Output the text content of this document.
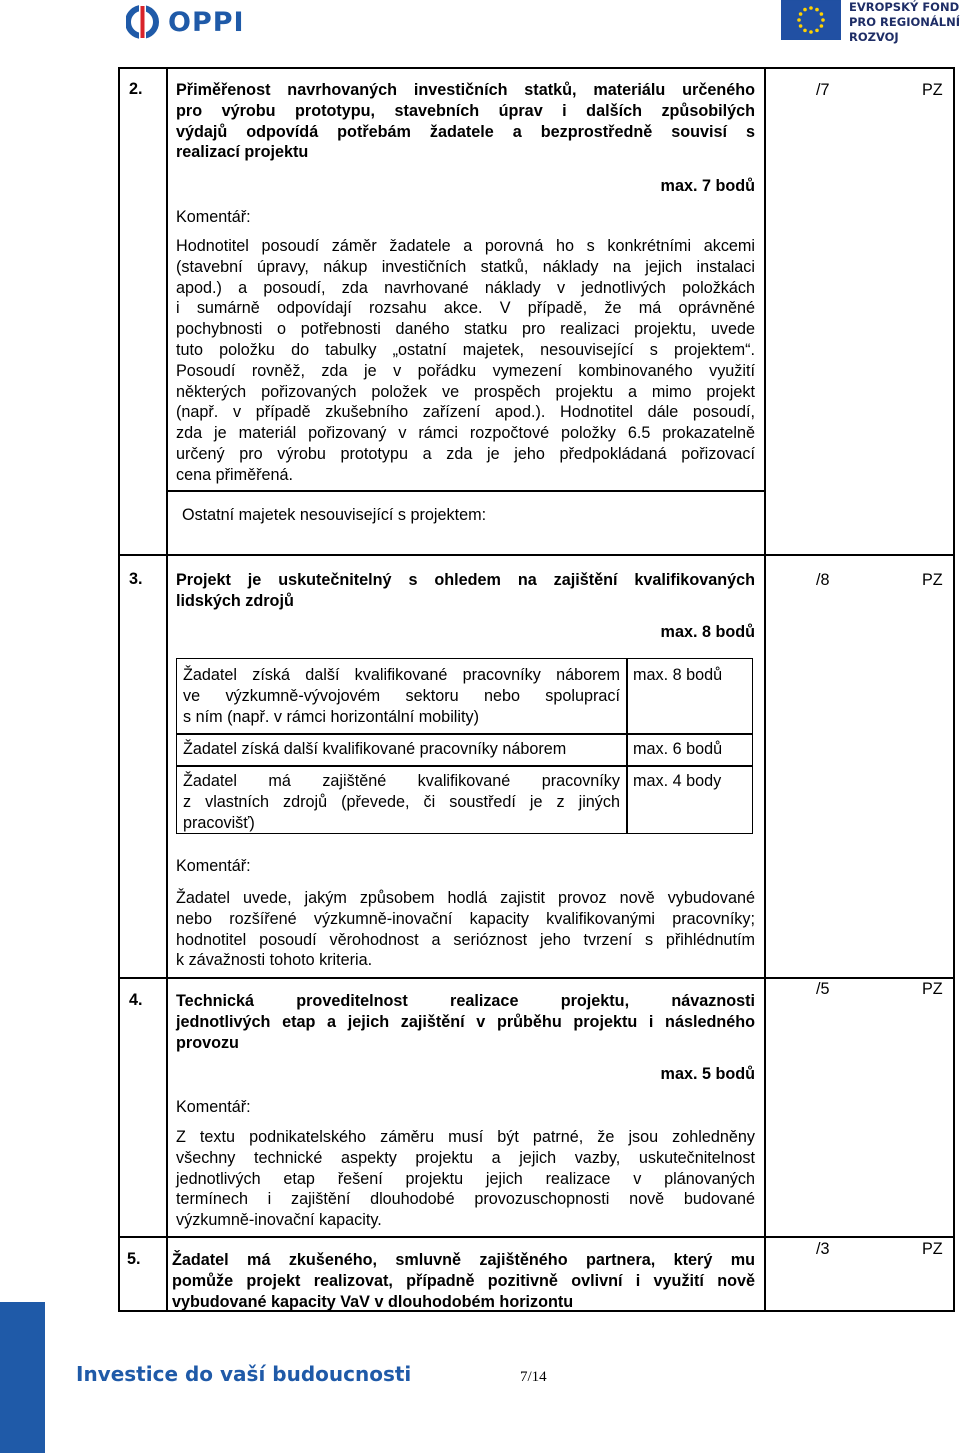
OPPI	EVROPSKÝ FOND
PRO REGIONÁLNÍ
ROZVOJ
2. Přiměřenost navrhovaných investičních statků, materiálu určeného
pro výrobu prototypu, stavebních úprav i dalších způsobilých
výdajů odpovídá potřebám žadatele a bezprostředně souvisí s
realizací projektu
/7	PZ
max. 7 bodů
Komentář:
Hodnotitel posoudí záměr žadatele a porovná ho s konkrétními akcemi
(stavební úpravy, nákup investičních statků, náklady na jejich instalaci
apod.) a posoudí, zda navrhované náklady v jednotlivých položkách
i sumárně odpovídají rozsahu akce. V případě, že má oprávněné
pochybnosti o potřebnosti daného statku pro realizaci projektu, uvede
tuto položku do tabulky „ostatní majetek, nesouvisející s projektem“.
Posoudí rovněž, zda je v pořádku vymezení kombinovaného využití
některých pořizovaných položek ve prospěch projektu a mimo projekt
(např. v případě zkušebního zařízení apod.). Hodnotitel dále posoudí,
zda je materiál pořizovaný v rámci rozpočtové položky 6.5 prokazatelně
určený pro výrobu prototypu a zda je jeho předpokládaná pořizovací
cena přiměřená.
Ostatní majetek nesouvisející s projektem:
3. Projekt je uskutečnitelný s ohledem na zajištění kvalifikovaných
lidských zdrojů
/8	PZ
max. 8 bodů
Žadatel získá další kvalifikované pracovníky náborem
ve výzkumně-vývojovém sektoru nebo spoluprací
s ním (např. v rámci horizontální mobility)
max. 8 bodů
Žadatel získá další kvalifikované pracovníky náborem	max. 6 bodů
Žadatel má zajištěné kvalifikované pracovníky
z vlastních zdrojů (převede, či soustředí je z jiných
pracovišť)
max. 4 body
Komentář:
Žadatel uvede, jakým způsobem hodlá zajistit provoz nově vybudované
nebo rozšířené výzkumně-inovační kapacity kvalifikovanými pracovníky;
hodnotitel posoudí věrohodnost a serióznost jeho tvrzení s přihlédnutím
k závažnosti tohoto kriteria.
4. Technická proveditelnost realizace projektu, návaznosti
jednotlivých etap a jejich zajištění v průběhu projektu i následného
provozu
/5	PZ
max. 5 bodů
Komentář:
Z textu podnikatelského záměru musí být patrné, že jsou zohledněny
všechny technické aspekty projektu a jejich vazby, uskutečnitelnost
jednotlivých etap řešení projektu jejich realizace v plánovaných
termínech i zajištění dlouhodobé provozuschopnosti nově budované
výzkumně-inovační kapacity.
5. Žadatel má zkušeného, smluvně zajištěného partnera, který mu
pomůže projekt realizovat, případně pozitivně ovlivní i využití nově
vybudované kapacity VaV v dlouhodobém horizontu
/3	PZ
Investice do vaší budoucnosti	7/14
